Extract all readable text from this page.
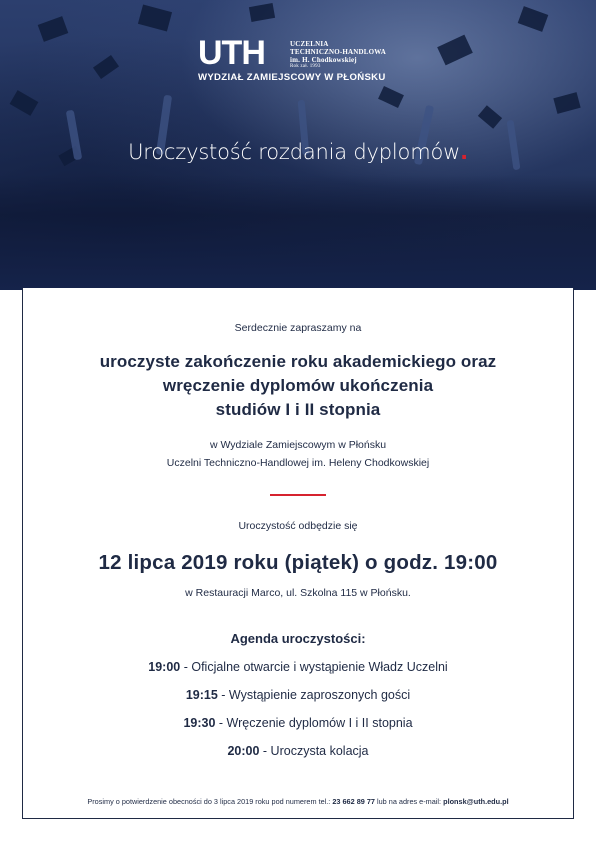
UTH	UCZELNIA
TECHNICZNO-HANDLOWA
im. H. Chodkowskiej
Rok zał. 1993
WYDZIAŁ ZAMIEJSCOWY W PŁOŃSKU
Uroczystość rozdania dyplomów.
Serdecznie zapraszamy na
uroczyste zakończenie roku akademickiego oraz
wręczenie dyplomów ukończenia
studiów I i II stopnia
w Wydziale Zamiejscowym w Płońsku
Uczelni Techniczno-Handlowej im. Heleny Chodkowskiej
Uroczystość odbędzie się
12 lipca 2019 roku (piątek) o godz. 19:00
w Restauracji Marco, ul. Szkolna 115 w Płońsku.
Agenda uroczystości:
19:00 - Oficjalne otwarcie i wystąpienie Władz Uczelni
19:15 - Wystąpienie zaproszonych gości
19:30 - Wręczenie dyplomów I i II stopnia
20:00 - Uroczysta kolacja
Prosimy o potwierdzenie obecności do 3 lipca 2019 roku pod numerem tel.: 23 662 89 77 lub na adres e-mail: plonsk@uth.edu.pl
